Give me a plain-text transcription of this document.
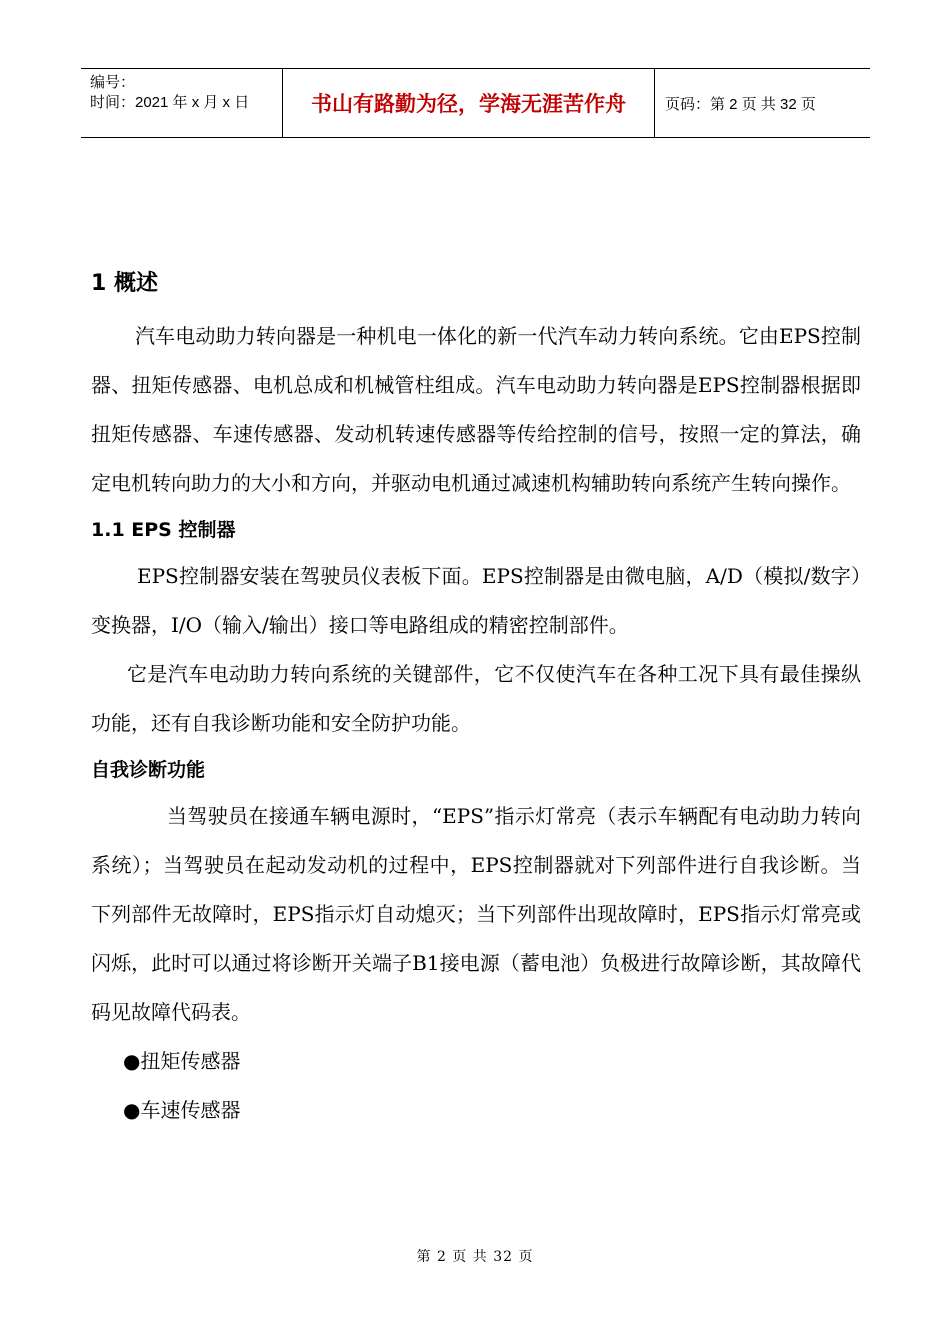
编号：
时间：2021 年 x 月 x 日	书山有路勤为径，学海无涯苦作舟	页码：第 2 页 共 32 页
1 概述

汽车电动助力转向器是一种机电一体化的新一代汽车动力转向系统。它由EPS控制器、扭矩传感器、电机总成和机械管柱组成。汽车电动助力转向器是EPS控制器根据即扭矩传感器、车速传感器、发动机转速传感器等传给控制的信号，按照一定的算法，确定电机转向助力的大小和方向，并驱动电机通过减速机构辅助转向系统产生转向操作。

1.1 EPS 控制器

EPS控制器安装在驾驶员仪表板下面。EPS控制器是由微电脑，A/D（模拟/数字）变换器，I/O（输入/输出）接口等电路组成的精密控制部件。

它是汽车电动助力转向系统的关键部件，它不仅使汽车在各种工况下具有最佳操纵功能，还有自我诊断功能和安全防护功能。

自我诊断功能

当驾驶员在接通车辆电源时，“EPS”指示灯常亮（表示车辆配有电动助力转向系统）；当驾驶员在起动发动机的过程中，EPS控制器就对下列部件进行自我诊断。当下列部件无故障时，EPS指示灯自动熄灭；当下列部件出现故障时，EPS指示灯常亮或闪烁，此时可以通过将诊断开关端子B1接电源（蓄电池）负极进行故障诊断，其故障代码见故障代码表。

●扭矩传感器
●车速传感器
第 2 页 共 32 页
